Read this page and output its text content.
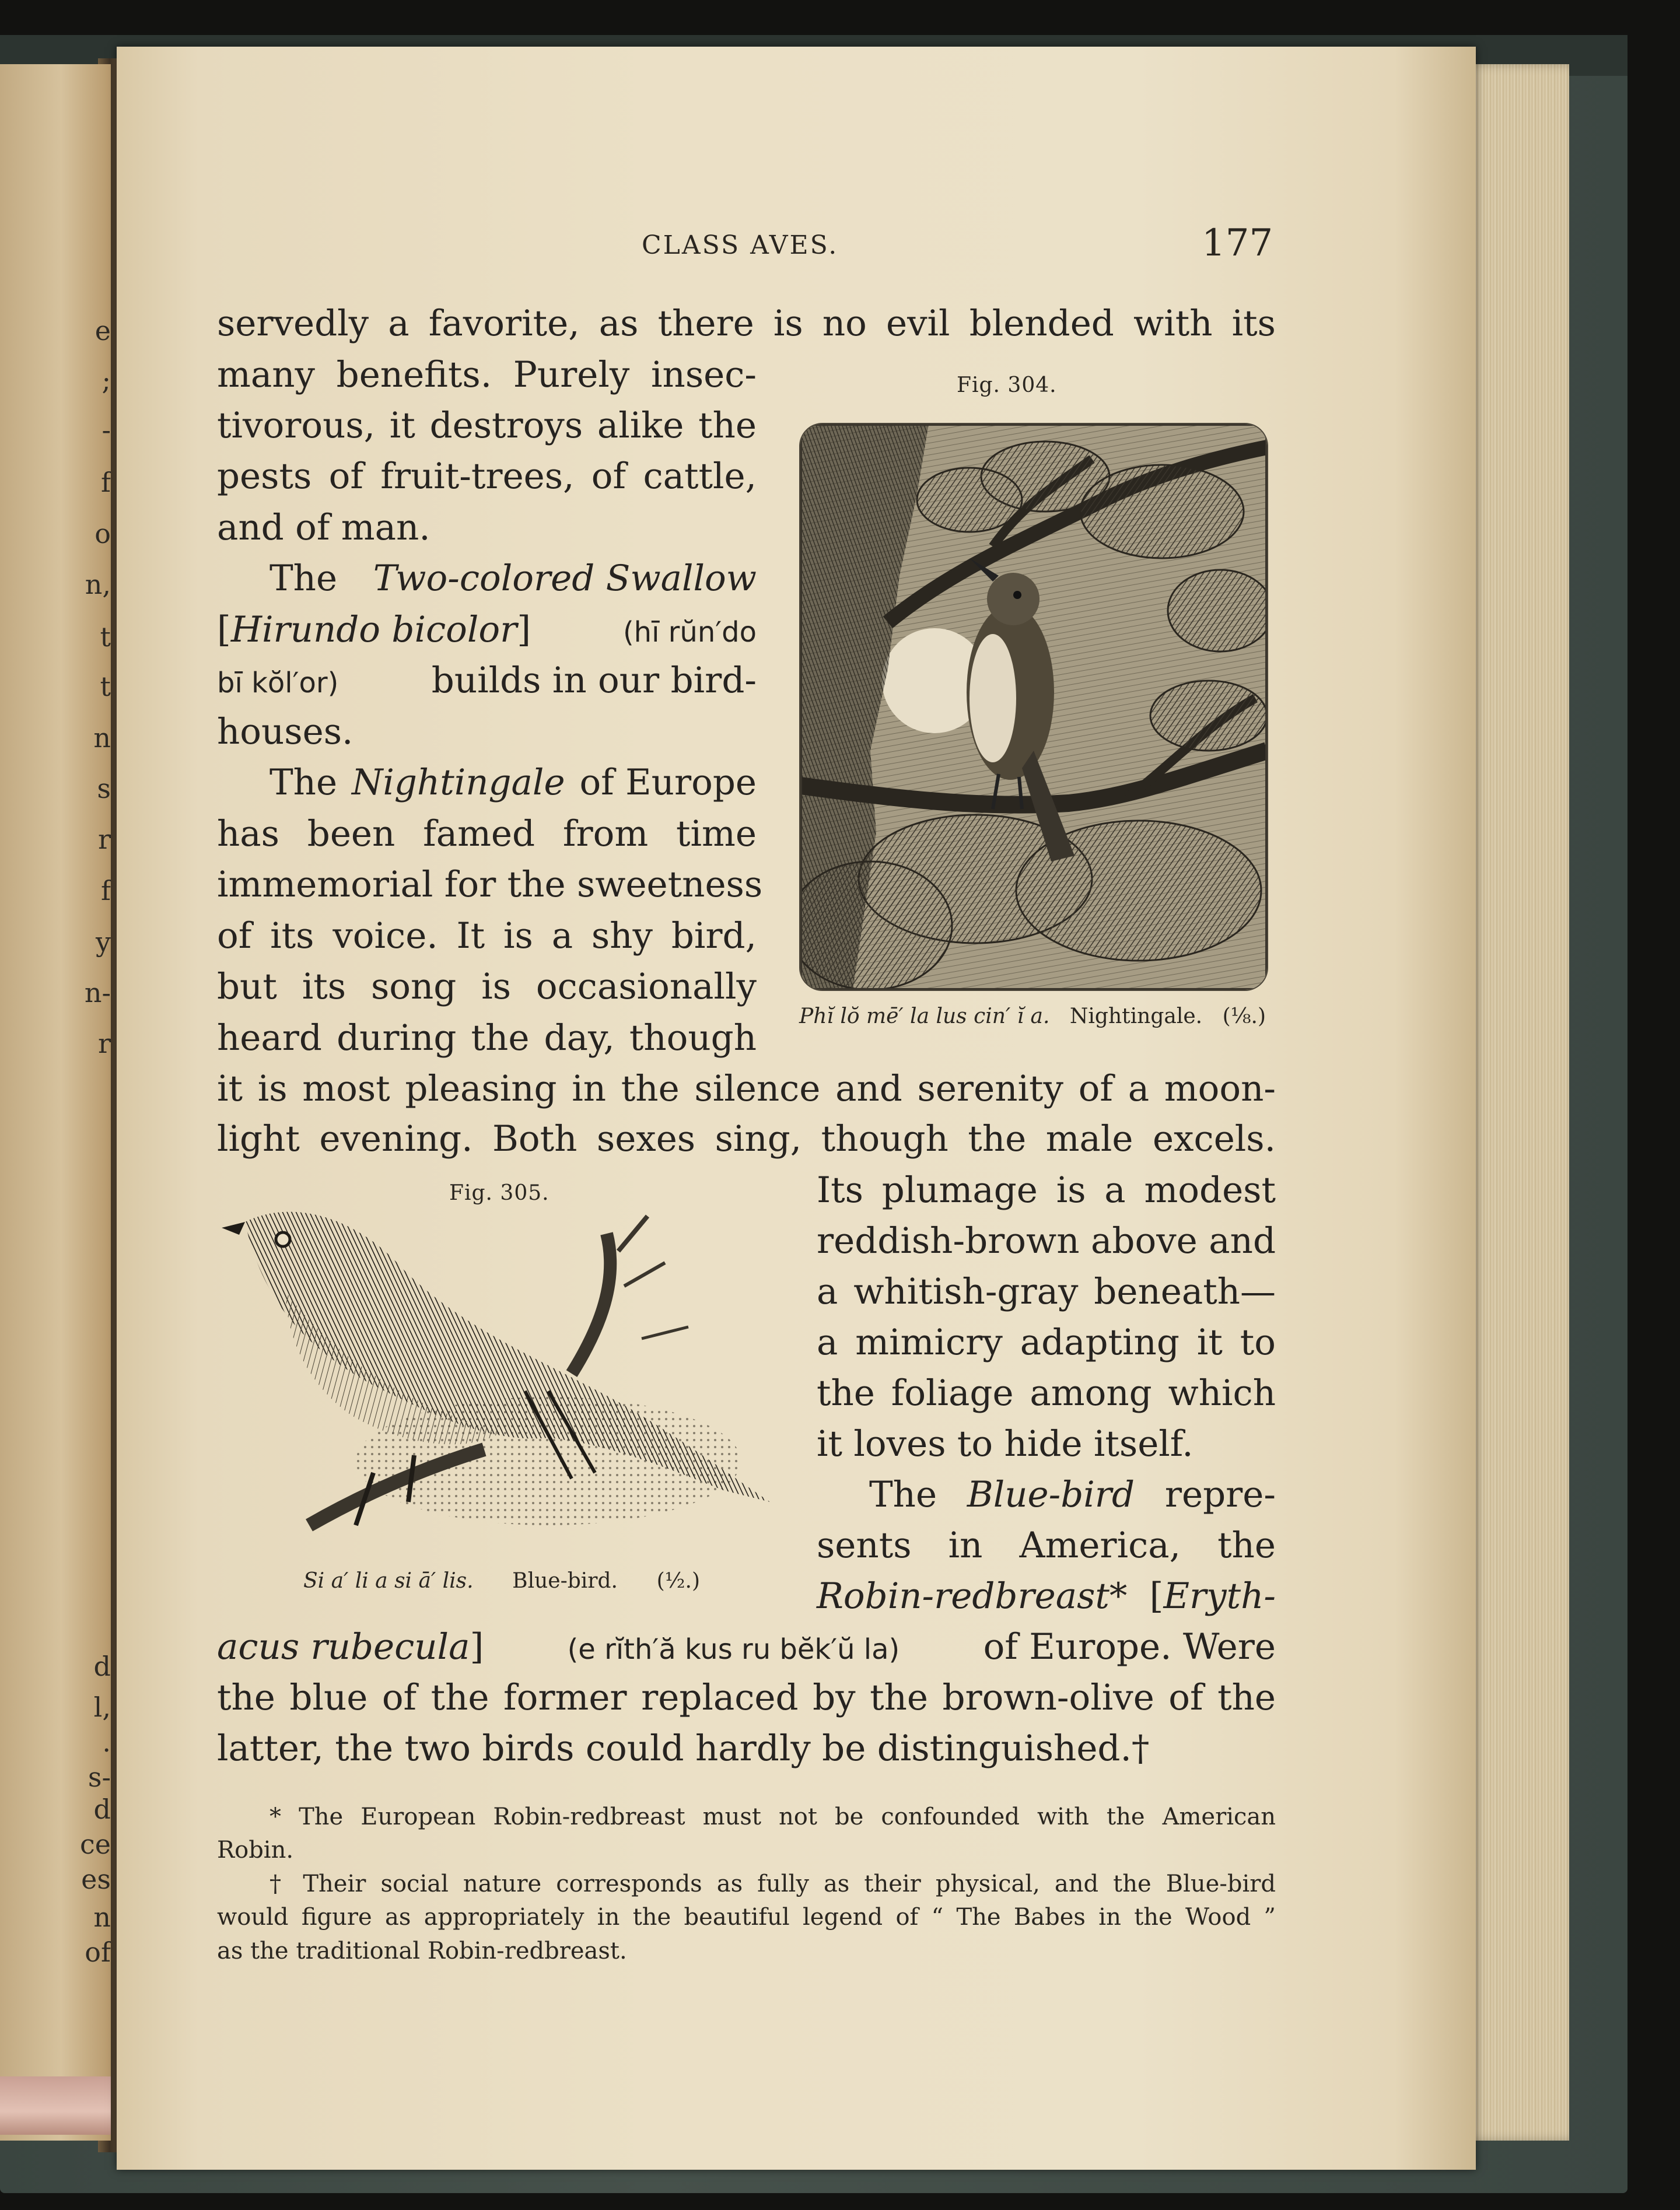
e
;
-
f
o
n,
t
t
n
s
r
f
y
n-
r
d
l,
.
s-
d
ce
es
n
of
CLASS AVES.	177
servedly a favorite, as there is no evil blended with its
many benefits. Purely insec-
tivorous, it destroys alike the
pests of fruit-trees, of cattle,
and of man.
The Two-colored Swallow
[Hirundo bicolor]	(hī rŭn′do
bī kŏl′or)	builds in our bird-
houses.
The Nightingale of Europe
has been famed from time
immemorial for the sweetness
of its voice. It is a shy bird,
but its song is occasionally
heard during the day, though
it is most pleasing in the silence and serenity of a moon-
light evening. Both sexes sing, though the male excels.
Its plumage is a modest
reddish-brown above and
a whitish-gray beneath—
a mimicry adapting it to
the foliage among which
it loves to hide itself.
The Blue-bird repre-
sents in America, the
Robin-redbreast* [Eryth-
acus rubecula]	(e rĭth′ă kus ru bĕk′ŭ la) of Europe. Were
the blue of the former replaced by the brown-olive of the
latter, the two birds could hardly be distinguished.†
Fig. 304.
Phĭ lŏ mē′ la lus cin′ ĭ a. Nightingale. (⅛.)
Fig. 305.
Si a′ li a si ā′ lis. Blue-bird. (½.)
* The European Robin-redbreast must not be confounded with the American
Robin.
† Their social nature corresponds as fully as their physical, and the Blue-bird
would figure as appropriately in the beautiful legend of “ The Babes in the Wood ”
as the traditional Robin-redbreast.
